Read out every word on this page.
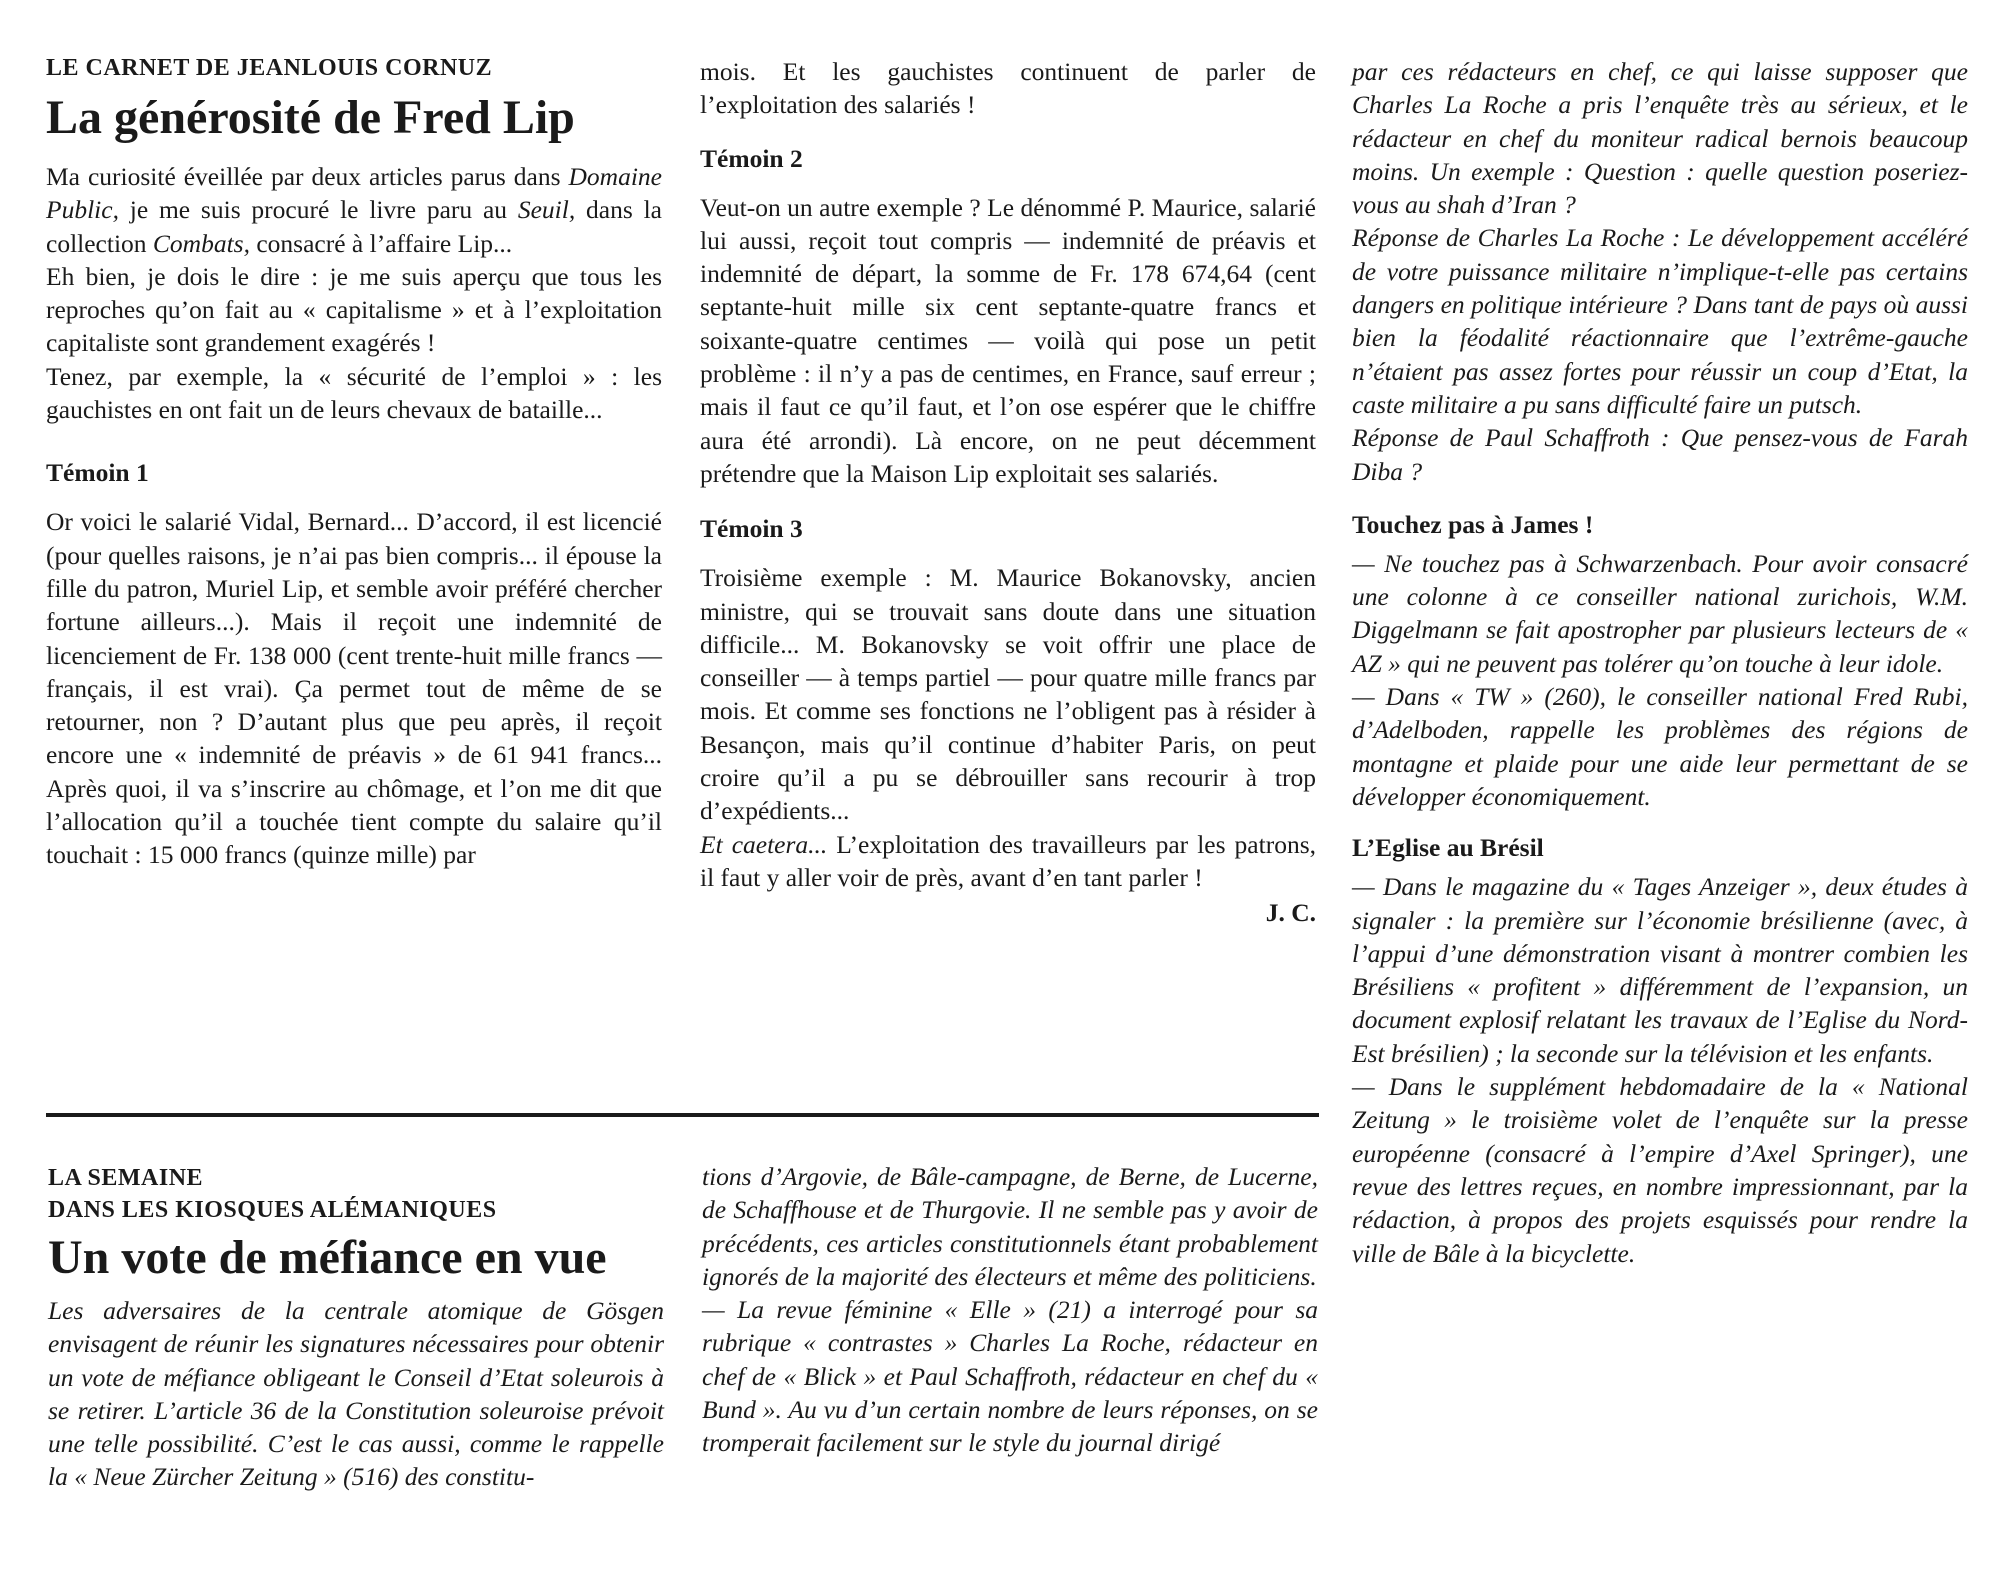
LE CARNET DE JEANLOUIS CORNUZ

La générosité de Fred Lip

Ma curiosité éveillée par deux articles parus dans Domaine Public, je me suis procuré le livre paru au Seuil, dans la collection Combats, consacré à l’affaire Lip...

Eh bien, je dois le dire : je me suis aperçu que tous les reproches qu’on fait au « capitalisme » et à l’exploitation capitaliste sont grandement exagérés !

Tenez, par exemple, la « sécurité de l’emploi » : les gauchistes en ont fait un de leurs chevaux de bataille...

Témoin 1

Or voici le salarié Vidal, Bernard... D’accord, il est licencié (pour quelles raisons, je n’ai pas bien compris... il épouse la fille du patron, Muriel Lip, et semble avoir préféré chercher fortune ailleurs...). Mais il reçoit une indemnité de licenciement de Fr. 138 000 (cent trente-huit mille francs — français, il est vrai). Ça permet tout de même de se retourner, non ? D’autant plus que peu après, il reçoit encore une « indemnité de préavis » de 61 941 francs... Après quoi, il va s’inscrire au chômage, et l’on me dit que l’allocation qu’il a touchée tient compte du salaire qu’il touchait : 15 000 francs (quinze mille) par

mois. Et les gauchistes continuent de parler de l’exploitation des salariés !

Témoin 2

Veut-on un autre exemple ? Le dénommé P. Maurice, salarié lui aussi, reçoit tout compris — indemnité de préavis et indemnité de départ, la somme de Fr. 178 674,64 (cent septante-huit mille six cent septante-quatre francs et soixante-quatre centimes — voilà qui pose un petit problème : il n’y a pas de centimes, en France, sauf erreur ; mais il faut ce qu’il faut, et l’on ose espérer que le chiffre aura été arrondi). Là encore, on ne peut décemment prétendre que la Maison Lip exploitait ses salariés.

Témoin 3

Troisième exemple : M. Maurice Bokanovsky, ancien ministre, qui se trouvait sans doute dans une situation difficile... M. Bokanovsky se voit offrir une place de conseiller — à temps partiel — pour quatre mille francs par mois. Et comme ses fonctions ne l’obligent pas à résider à Besançon, mais qu’il continue d’habiter Paris, on peut croire qu’il a pu se débrouiller sans recourir à trop d’expédients...

Et caetera... L’exploitation des travailleurs par les patrons, il faut y aller voir de près, avant d’en tant parler !

J. C.

LA SEMAINE

DANS LES KIOSQUES ALÉMANIQUES

Un vote de méfiance en vue

Les adversaires de la centrale atomique de Gösgen envisagent de réunir les signatures nécessaires pour obtenir un vote de méfiance obligeant le Conseil d’Etat soleurois à se retirer. L’article 36 de la Constitution soleuroise prévoit une telle possibilité. C’est le cas aussi, comme le rappelle la « Neue Zürcher Zeitung » (516) des constitu-

tions d’Argovie, de Bâle-campagne, de Berne, de Lucerne, de Schaffhouse et de Thurgovie. Il ne semble pas y avoir de précédents, ces articles constitutionnels étant probablement ignorés de la majorité des électeurs et même des politiciens.

— La revue féminine « Elle » (21) a interrogé pour sa rubrique « contrastes » Charles La Roche, rédacteur en chef de « Blick » et Paul Schaffroth, rédacteur en chef du « Bund ». Au vu d’un certain nombre de leurs réponses, on se tromperait facilement sur le style du journal dirigé

par ces rédacteurs en chef, ce qui laisse supposer que Charles La Roche a pris l’enquête très au sérieux, et le rédacteur en chef du moniteur radical bernois beaucoup moins. Un exemple : Question : quelle question poseriez-vous au shah d’Iran ?

Réponse de Charles La Roche : Le développement accéléré de votre puissance militaire n’implique-t-elle pas certains dangers en politique intérieure ? Dans tant de pays où aussi bien la féodalité réactionnaire que l’extrême-gauche n’étaient pas assez fortes pour réussir un coup d’Etat, la caste militaire a pu sans difficulté faire un putsch.

Réponse de Paul Schaffroth : Que pensez-vous de Farah Diba ?

Touchez pas à James !

— Ne touchez pas à Schwarzenbach. Pour avoir consacré une colonne à ce conseiller national zurichois, W.M. Diggelmann se fait apostropher par plusieurs lecteurs de « AZ » qui ne peuvent pas tolérer qu’on touche à leur idole.

— Dans « TW » (260), le conseiller national Fred Rubi, d’Adelboden, rappelle les problèmes des régions de montagne et plaide pour une aide leur permettant de se développer économiquement.

L’Eglise au Brésil

— Dans le magazine du « Tages Anzeiger », deux études à signaler : la première sur l’économie brésilienne (avec, à l’appui d’une démonstration visant à montrer combien les Brésiliens « profitent » différemment de l’expansion, un document explosif relatant les travaux de l’Eglise du Nord-Est brésilien) ; la seconde sur la télévision et les enfants.

— Dans le supplément hebdomadaire de la « National Zeitung » le troisième volet de l’enquête sur la presse européenne (consacré à l’empire d’Axel Springer), une revue des lettres reçues, en nombre impressionnant, par la rédaction, à propos des projets esquissés pour rendre la ville de Bâle à la bicyclette.
